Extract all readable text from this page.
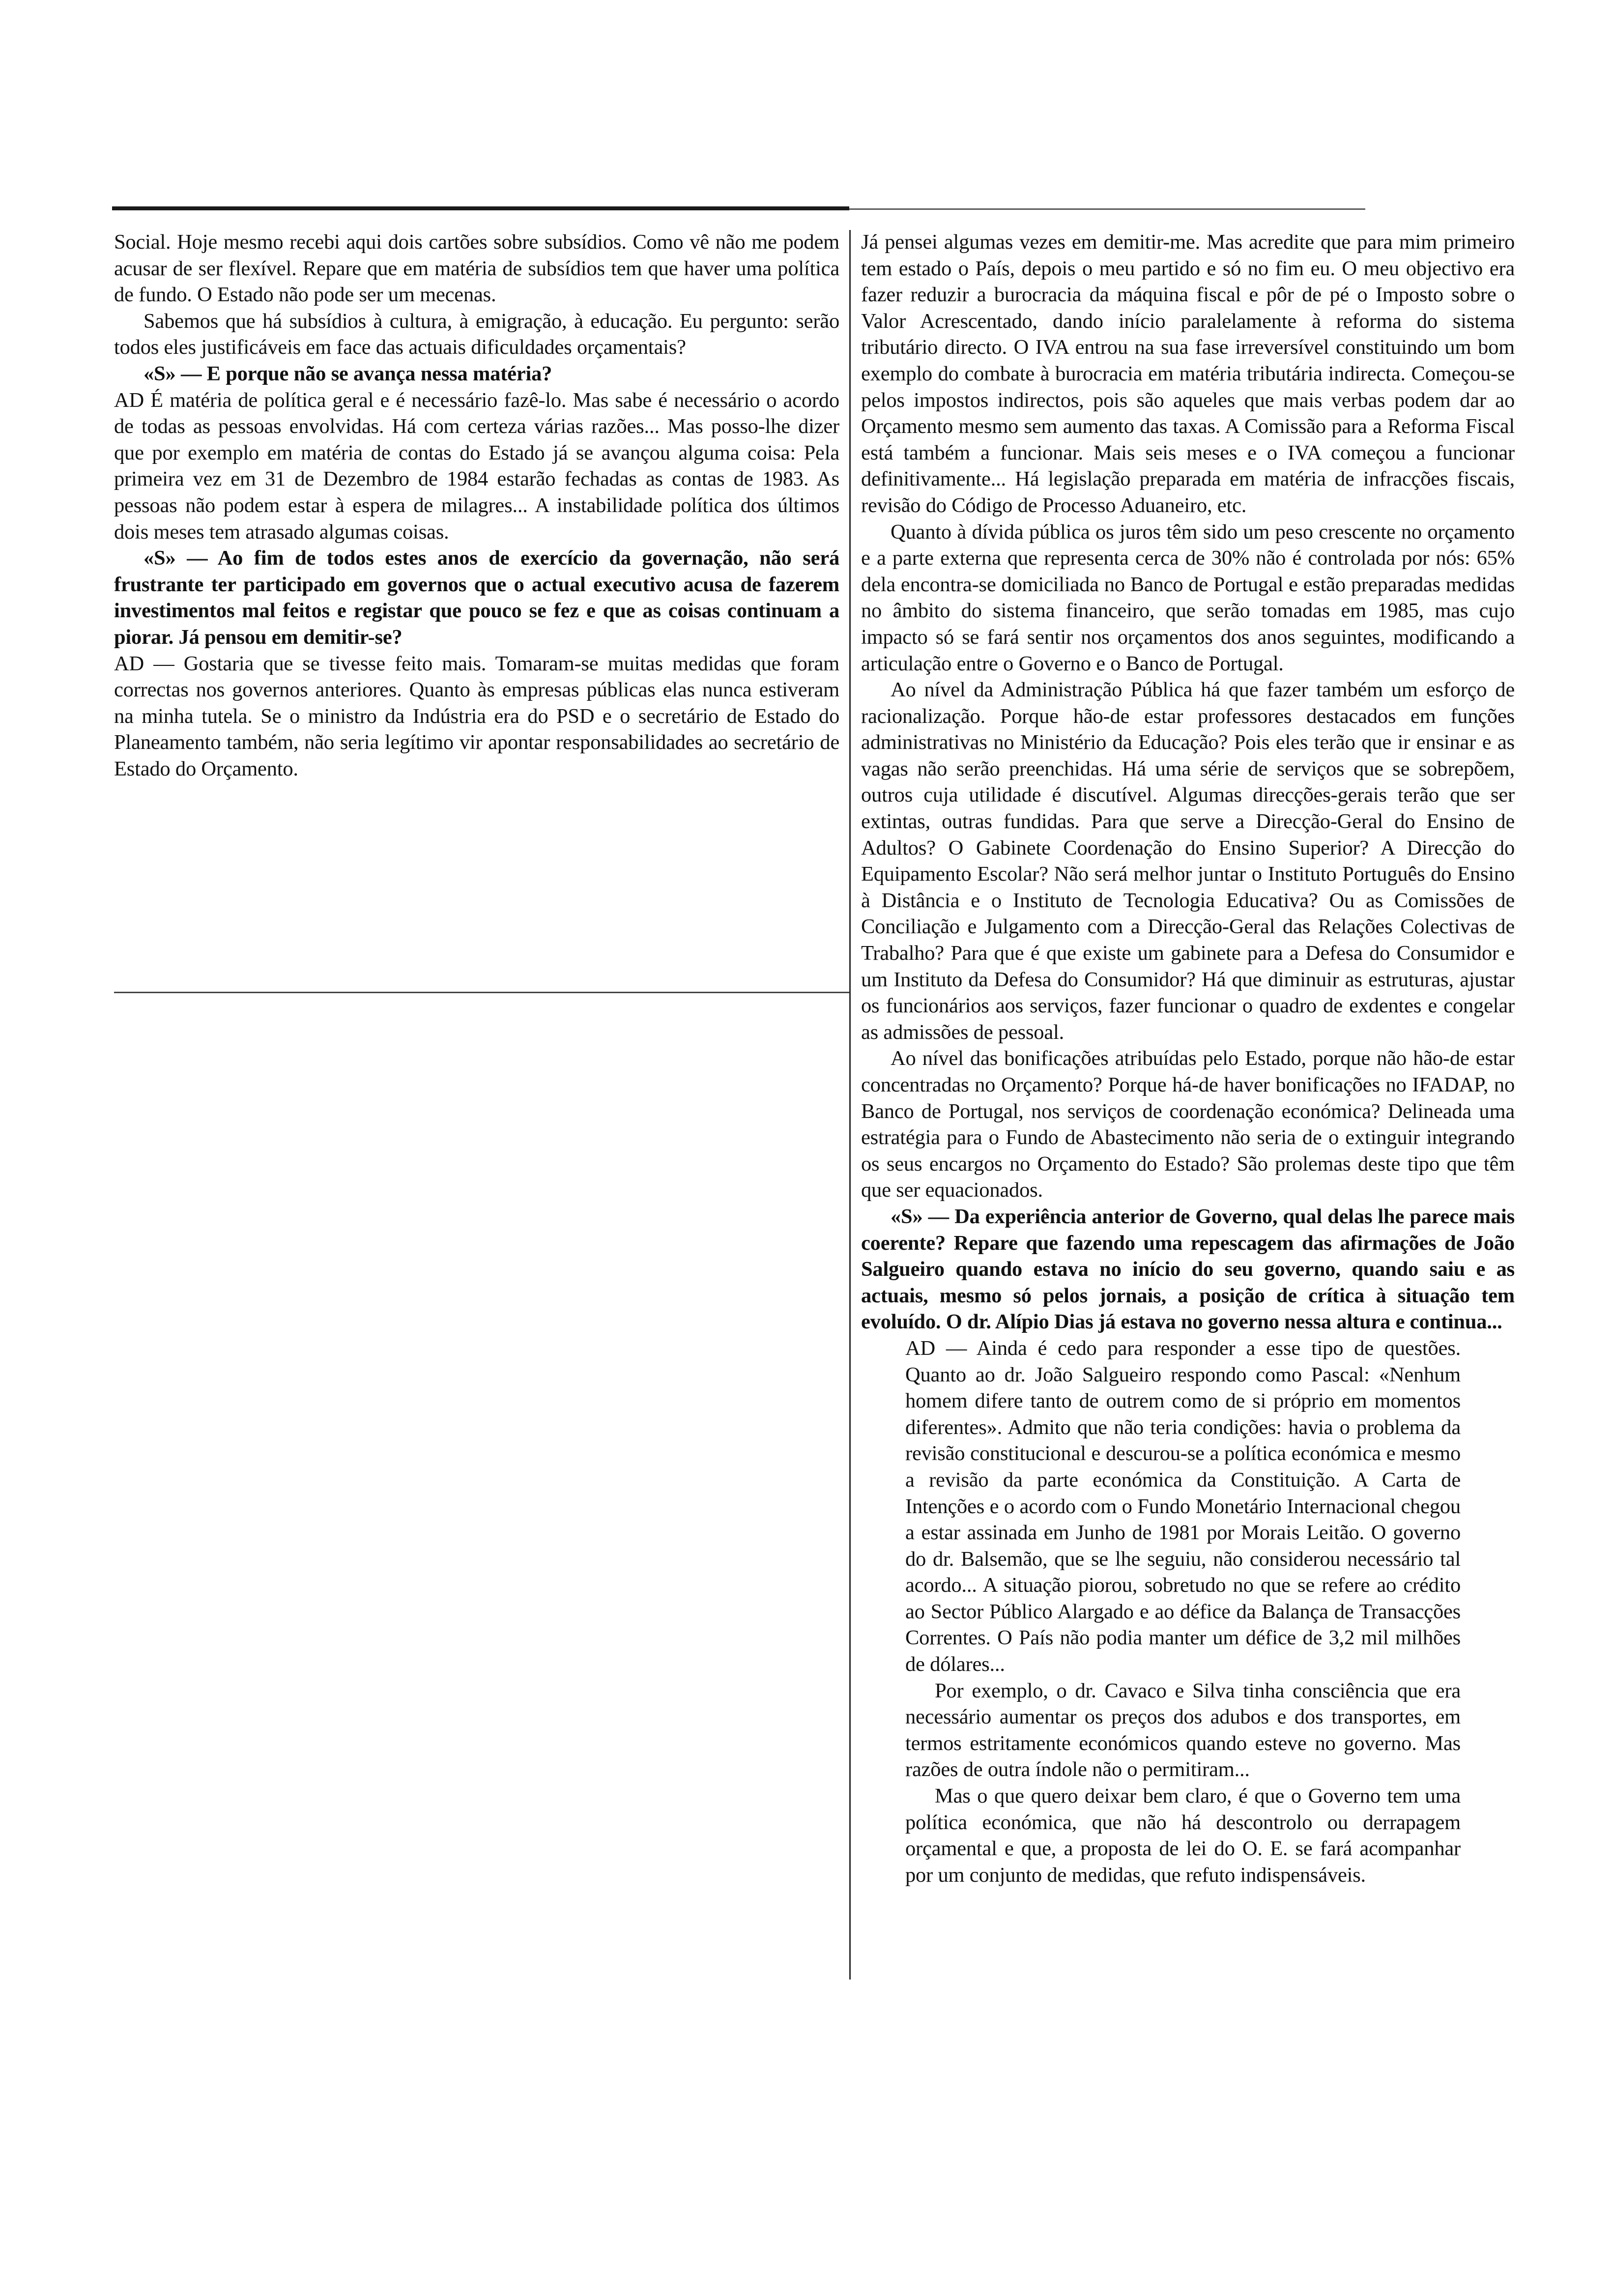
Social. Hoje mesmo recebi aqui dois cartões sobre subsídios. Como vê não me podem acusar de ser flexível. Repare que em matéria de subsídios tem que haver uma política de fundo. O Estado não pode ser um mecenas.

Sabemos que há subsídios à cultura, à emigração, à educação. Eu pergunto: serão todos eles justificáveis em face das actuais dificuldades orçamentais?

«S» — E porque não se avança nessa matéria?

AD É matéria de política geral e é necessário fazê-lo. Mas sabe é necessário o acordo de todas as pessoas envolvidas. Há com certeza várias razões... Mas posso-lhe dizer que por exemplo em matéria de contas do Estado já se avançou alguma coisa: Pela primeira vez em 31 de Dezembro de 1984 estarão fechadas as contas de 1983. As pessoas não podem estar à espera de milagres... A instabilidade política dos últimos dois meses tem atrasado algumas coisas.

«S» — Ao fim de todos estes anos de exercício da governação, não será frustrante ter participado em governos que o actual executivo acusa de fazerem investimentos mal feitos e registar que pouco se fez e que as coisas continuam a piorar. Já pensou em demitir-se?

AD — Gostaria que se tivesse feito mais. Tomaram-se muitas medidas que foram correctas nos governos anteriores. Quanto às empresas públicas elas nunca estiveram na minha tutela. Se o ministro da Indústria era do PSD e o secretário de Estado do Planeamento também, não seria legítimo vir apontar responsabilidades ao secretário de Estado do Orçamento.

Já pensei algumas vezes em demitir-me. Mas acredite que para mim primeiro tem estado o País, depois o meu partido e só no fim eu. O meu objectivo era fazer reduzir a burocracia da máquina fiscal e pôr de pé o Imposto sobre o Valor Acrescentado, dando início paralelamente à reforma do sistema tributário directo. O IVA entrou na sua fase irreversível constituindo um bom exemplo do combate à burocracia em matéria tributária indirecta. Começou-se pelos impostos indirectos, pois são aqueles que mais verbas podem dar ao Orçamento mesmo sem aumento das taxas. A Comissão para a Reforma Fiscal está também a funcionar. Mais seis meses e o IVA começou a funcionar definitivamente... Há legislação preparada em matéria de infracções fiscais, revisão do Código de Processo Aduaneiro, etc.

Quanto à dívida pública os juros têm sido um peso crescente no orçamento e a parte externa que representa cerca de 30% não é controlada por nós: 65% dela encontra-se domiciliada no Banco de Portugal e estão preparadas medidas no âmbito do sistema financeiro, que serão tomadas em 1985, mas cujo impacto só se fará sentir nos orçamentos dos anos seguintes, modificando a articulação entre o Governo e o Banco de Portugal.

Ao nível da Administração Pública há que fazer também um esforço de racionalização. Porque hão-de estar professores destacados em funções administrativas no Ministério da Educação? Pois eles terão que ir ensinar e as vagas não serão preenchidas. Há uma série de serviços que se sobrepõem, outros cuja utilidade é discutível. Algumas direcções-gerais terão que ser extintas, outras fundidas. Para que serve a Direcção-Geral do Ensino de Adultos? O Gabinete Coordenação do Ensino Superior? A Direcção do Equipamento Escolar? Não será melhor juntar o Instituto Português do Ensino à Distância e o Instituto de Tecnologia Educativa? Ou as Comissões de Conciliação e Julgamento com a Direcção-Geral das Relações Colectivas de Trabalho? Para que é que existe um gabinete para a Defesa do Consumidor e um Instituto da Defesa do Consumidor? Há que diminuir as estruturas, ajustar os funcionários aos serviços, fazer funcionar o quadro de exdentes e congelar as admissões de pessoal.

Ao nível das bonificações atribuídas pelo Estado, porque não hão-de estar concentradas no Orçamento? Porque há-de haver bonificações no IFADAP, no Banco de Portugal, nos serviços de coordenação económica? Delineada uma estratégia para o Fundo de Abastecimento não seria de o extinguir integrando os seus encargos no Orçamento do Estado? São prolemas deste tipo que têm que ser equacionados.

«S» — Da experiência anterior de Governo, qual delas lhe parece mais coerente? Repare que fazendo uma repescagem das afirmações de João Salgueiro quando estava no início do seu governo, quando saiu e as actuais, mesmo só pelos jornais, a posição de crítica à situação tem evoluído. O dr. Alípio Dias já estava no governo nessa altura e continua...

AD — Ainda é cedo para responder a esse tipo de questões. Quanto ao dr. João Salgueiro respondo como Pascal: «Nenhum homem difere tanto de outrem como de si próprio em momentos diferentes». Admito que não teria condições: havia o problema da revisão constitucional e descurou-se a política económica e mesmo a revisão da parte económica da Constituição. A Carta de Intenções e o acordo com o Fundo Monetário Internacional chegou a estar assinada em Junho de 1981 por Morais Leitão. O governo do dr. Balsemão, que se lhe seguiu, não considerou necessário tal acordo... A situação piorou, sobretudo no que se refere ao crédito ao Sector Público Alargado e ao défice da Balança de Transacções Correntes. O País não podia manter um défice de 3,2 mil milhões de dólares...

Por exemplo, o dr. Cavaco e Silva tinha consciência que era necessário aumentar os preços dos adubos e dos transportes, em termos estritamente económicos quando esteve no governo. Mas razões de outra índole não o permitiram...

Mas o que quero deixar bem claro, é que o Governo tem uma política económica, que não há descontrolo ou derrapagem orçamental e que, a proposta de lei do O. E. se fará acompanhar por um conjunto de medidas, que refuto indispensáveis.
